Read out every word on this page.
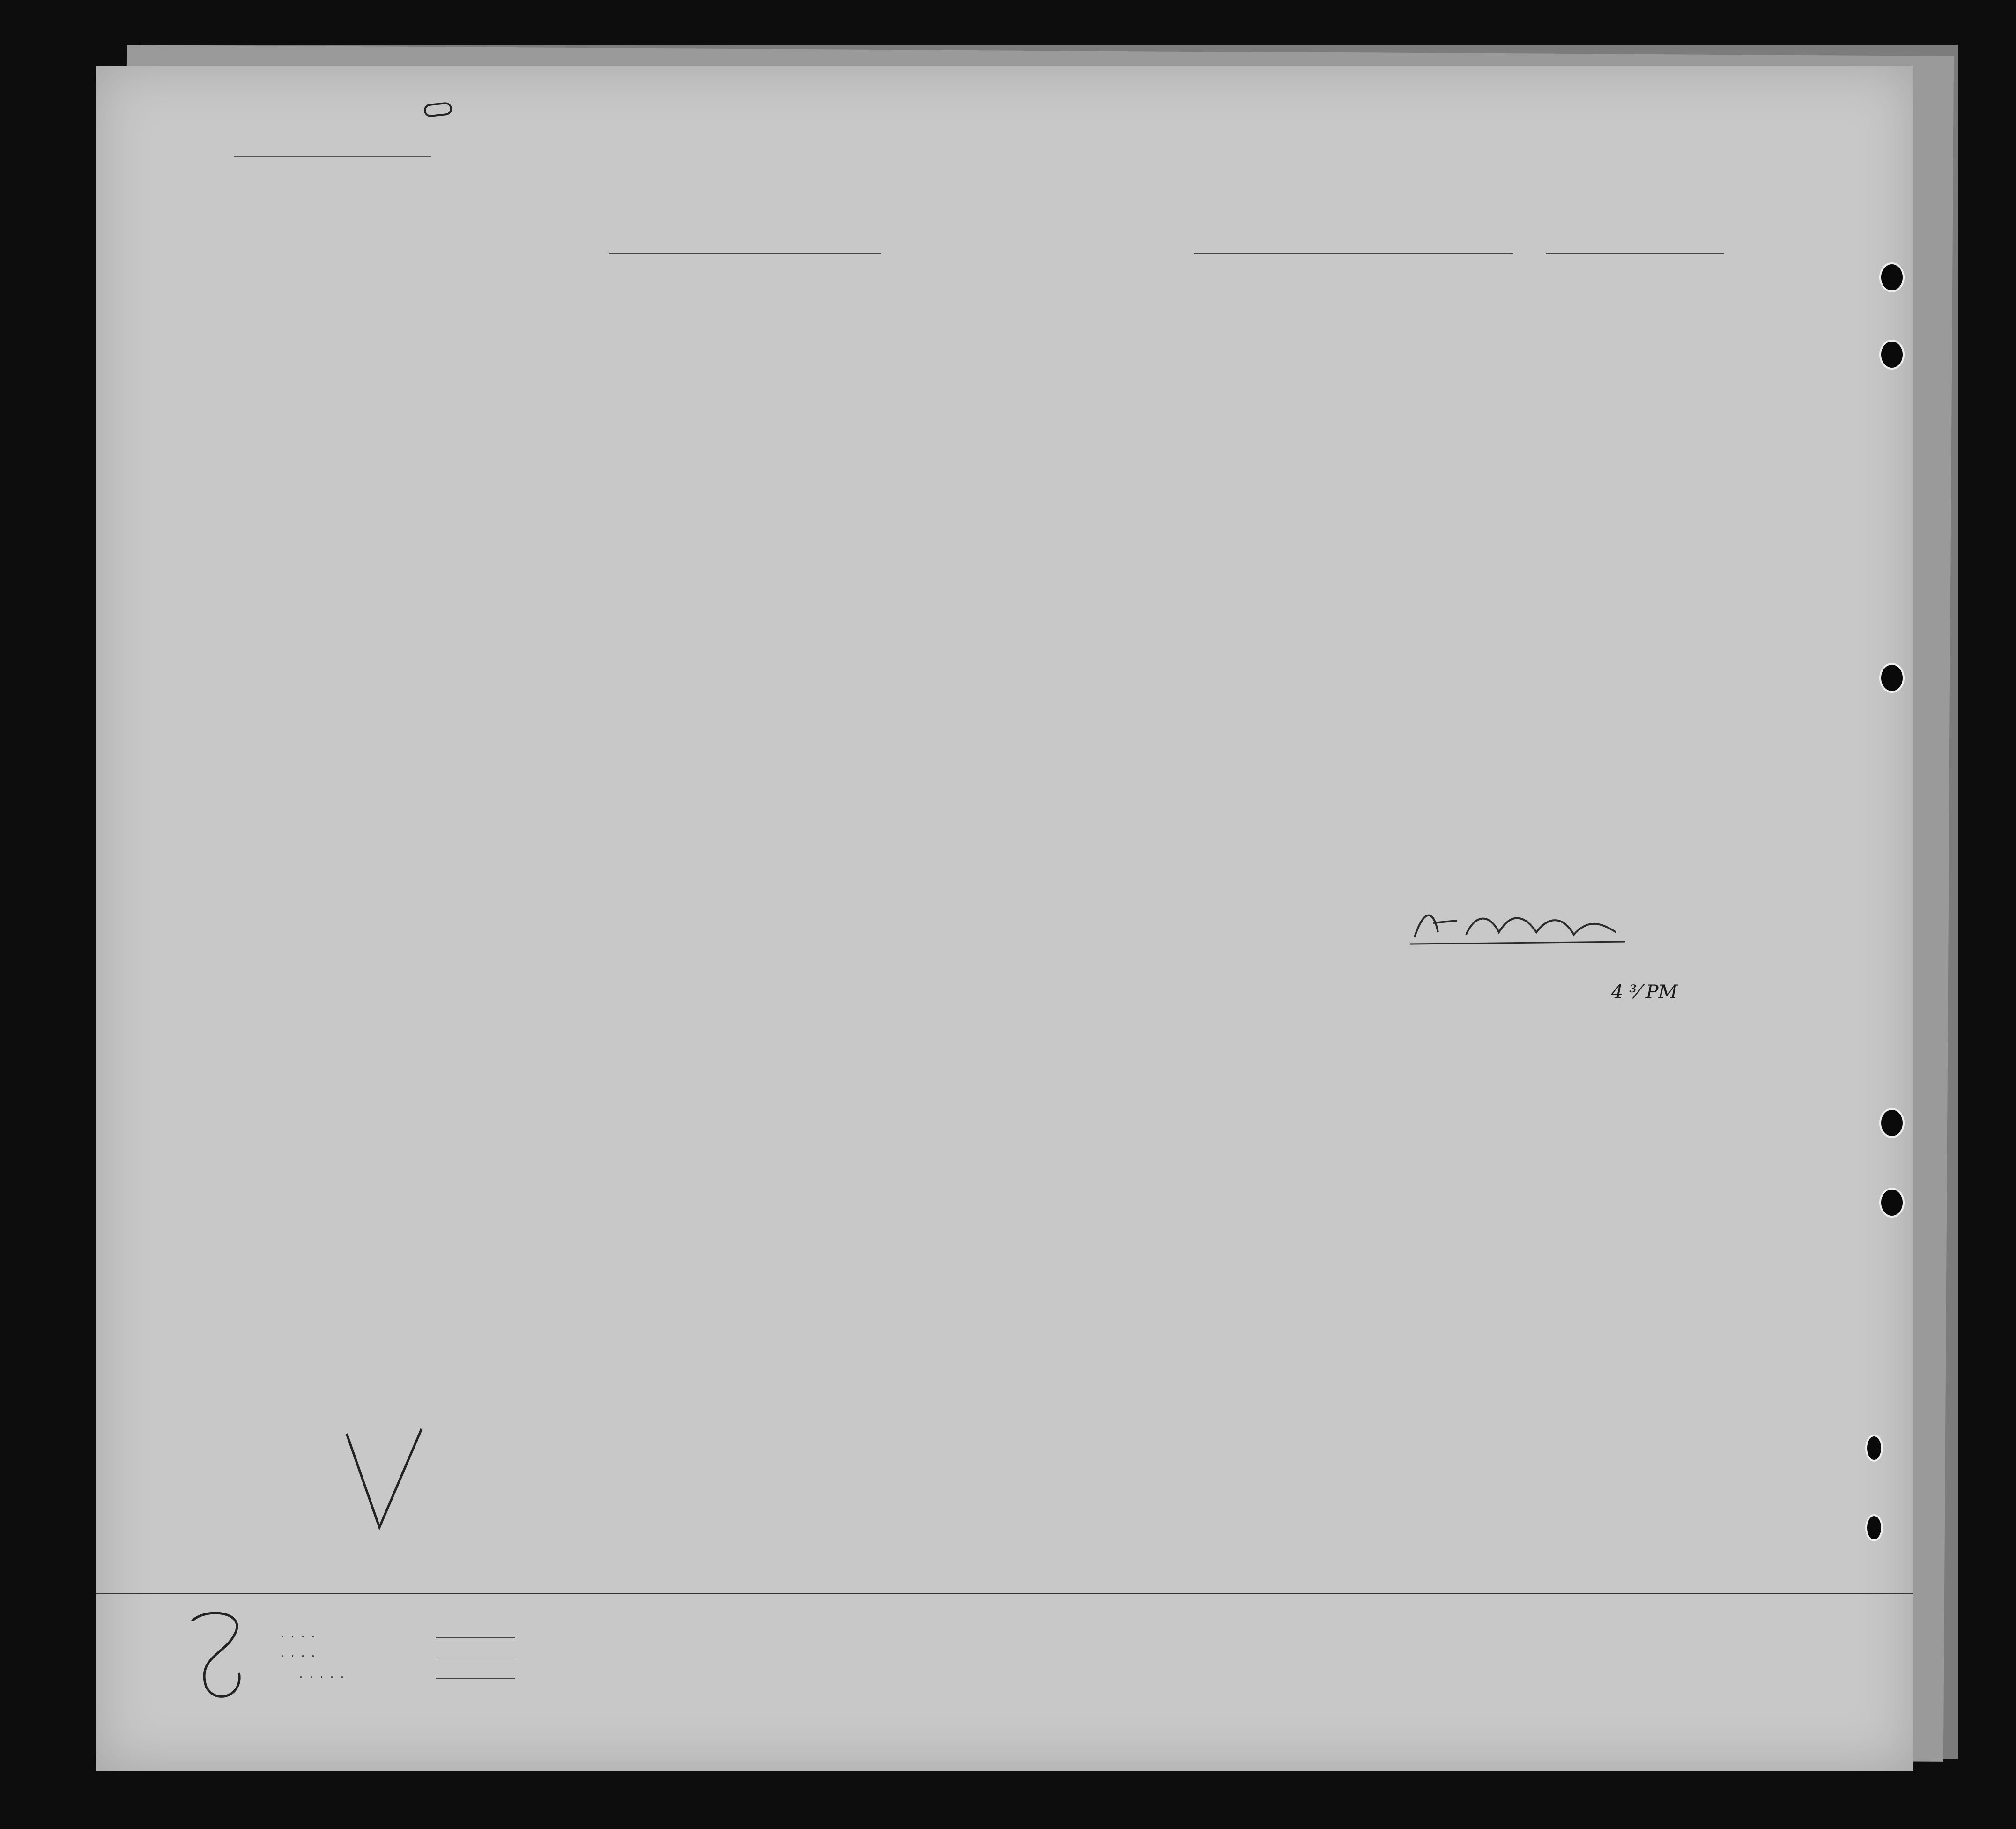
4 ³⁄ PM
. . . .
. . . .
. . . . .
